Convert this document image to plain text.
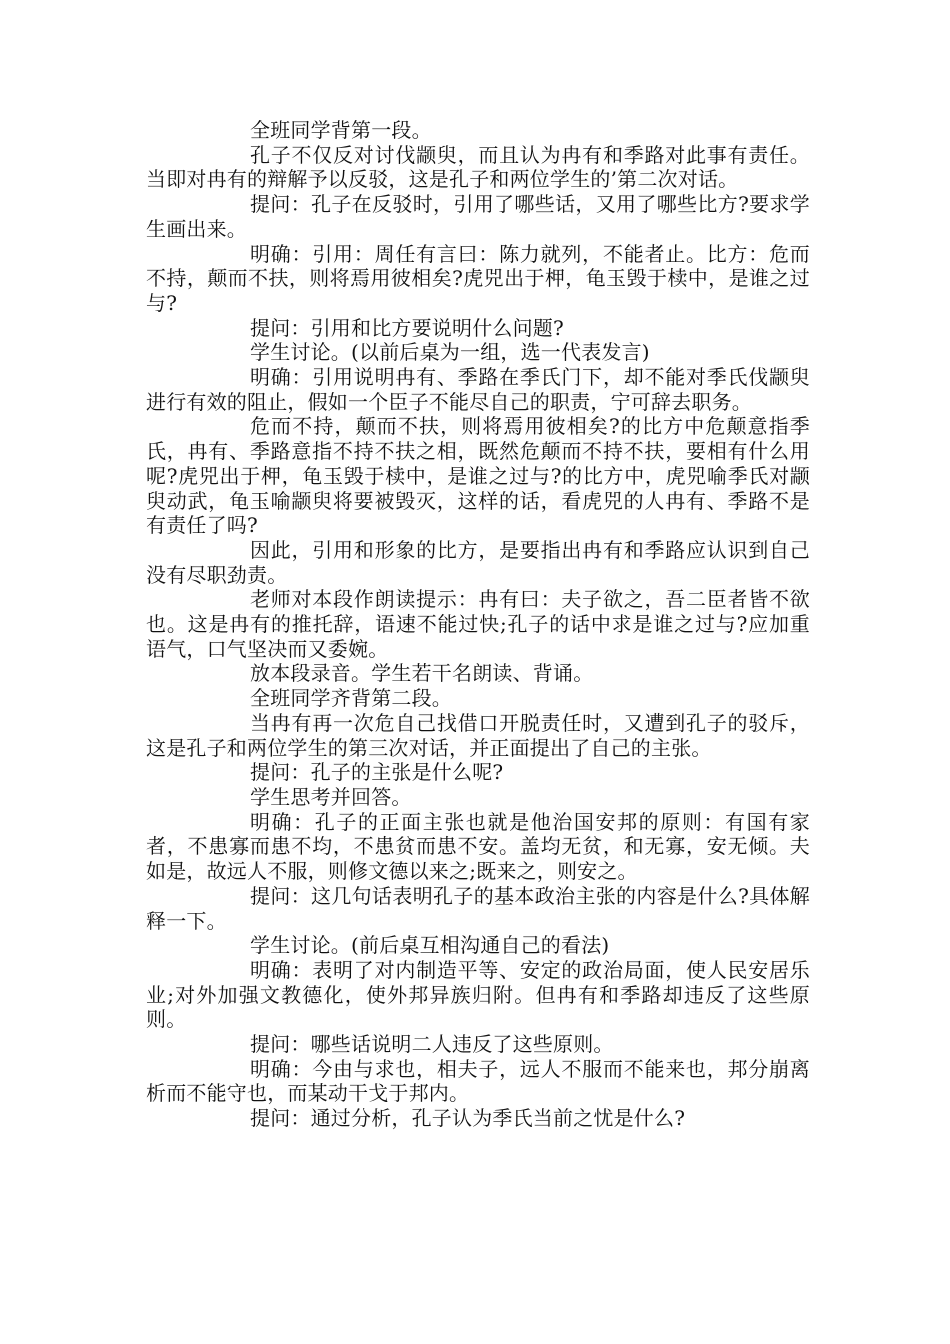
全班同学背第一段。

孔子不仅反对讨伐颛臾，而且认为冉有和季路对此事有责任。当即对冉有的辩解予以反驳，这是孔子和两位学生的’第二次对话。

提问：孔子在反驳时，引用了哪些话，又用了哪些比方?要求学生画出来。

明确：引用：周任有言曰：陈力就列，不能者止。比方：危而不持，颠而不扶，则将焉用彼相矣?虎兕出于柙，龟玉毁于椟中，是谁之过与?

提问：引用和比方要说明什么问题?

学生讨论。(以前后桌为一组，选一代表发言)

明确：引用说明冉有、季路在季氏门下，却不能对季氏伐颛臾进行有效的阻止，假如一个臣子不能尽自己的职责，宁可辞去职务。

危而不持，颠而不扶，则将焉用彼相矣?的比方中危颠意指季氏，冉有、季路意指不持不扶之相，既然危颠而不持不扶，要相有什么用呢?虎兕出于柙，龟玉毁于椟中，是谁之过与?的比方中，虎兕喻季氏对颛臾动武，龟玉喻颛臾将要被毁灭，这样的话，看虎兕的人冉有、季路不是有责任了吗?

因此，引用和形象的比方，是要指出冉有和季路应认识到自己没有尽职劲责。

老师对本段作朗读提示：冉有曰：夫子欲之，吾二臣者皆不欲也。这是冉有的推托辞，语速不能过快;孔子的话中求是谁之过与?应加重语气，口气坚决而又委婉。

放本段录音。学生若干名朗读、背诵。

全班同学齐背第二段。

当冉有再一次危自己找借口开脱责任时，又遭到孔子的驳斥，这是孔子和两位学生的第三次对话，并正面提出了自己的主张。

提问：孔子的主张是什么呢?

学生思考并回答。

明确：孔子的正面主张也就是他治国安邦的原则：有国有家者，不患寡而患不均，不患贫而患不安。盖均无贫，和无寡，安无倾。夫如是，故远人不服，则修文德以来之;既来之，则安之。

提问：这几句话表明孔子的基本政治主张的内容是什么?具体解释一下。

学生讨论。(前后桌互相沟通自己的看法)

明确：表明了对内制造平等、安定的政治局面，使人民安居乐业;对外加强文教德化，使外邦异族归附。但冉有和季路却违反了这些原则。

提问：哪些话说明二人违反了这些原则。

明确：今由与求也，相夫子，远人不服而不能来也，邦分崩离析而不能守也，而某动干戈于邦内。

提问：通过分析，孔子认为季氏当前之忧是什么?
